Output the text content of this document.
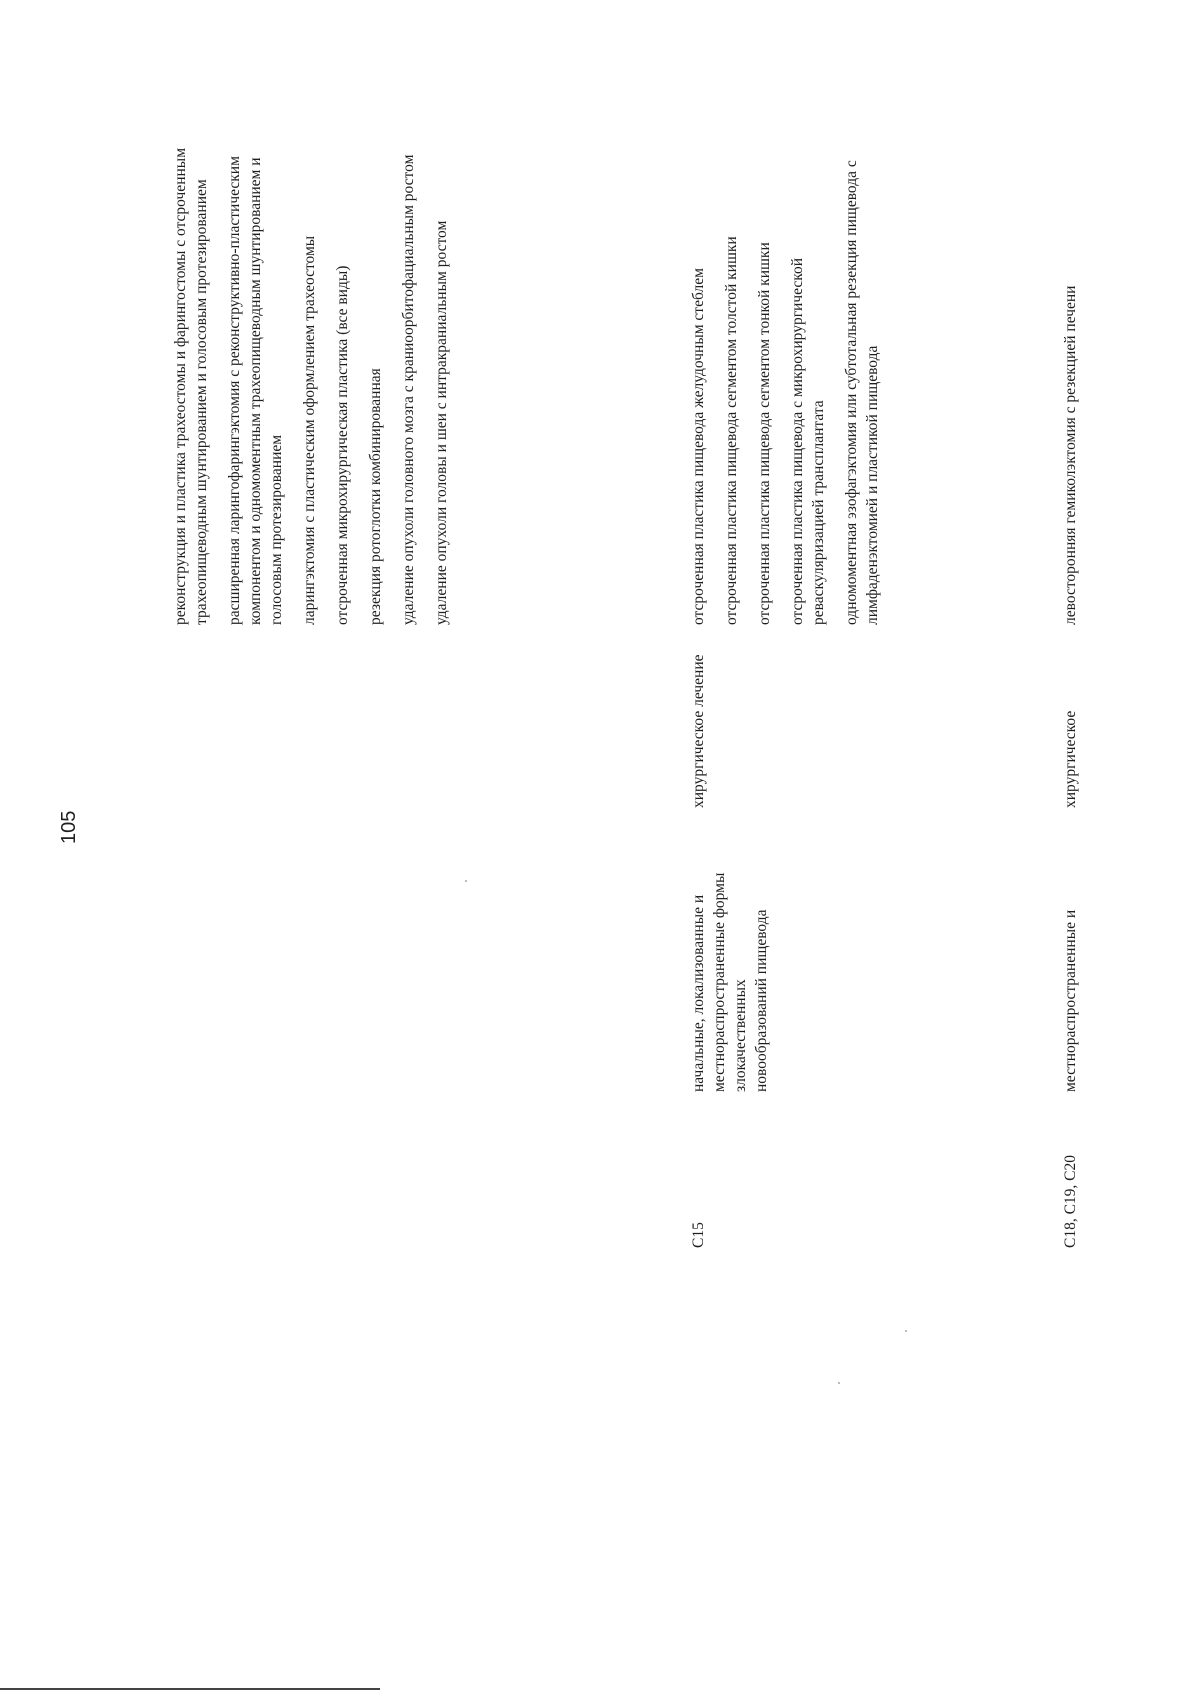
105
реконструкция и пластика трахеостомы и фарингостомы с отсроченным трахеопищеводным шунтированием и голосовым протезированием расширенная ларингофарингэктомия с реконструктивно-пластическим компонентом и одномоментным трахеопищеводным шунтированием и голосовым протезированием ларингэктомия с пластическим оформлением трахеостомы отсроченная микрохирургическая пластика (все виды) резекция ротоглотки комбинированная удаление опухоли головного мозга с краниоорбитофациальным ростом удаление опухоли головы и шеи с интракраниальным ростом
C15
начальные, локализованные и местнораспространенные формы злокачественных новообразований пищевода
хирургическое лечение
отсроченная пластика пищевода желудочным стеблем отсроченная пластика пищевода сегментом толстой кишки отсроченная пластика пищевода сегментом тонкой кишки отсроченная пластика пищевода с микрохирургической реваскуляризацией трансплантата одномоментная эзофагэктомия или субтотальная резекция пищевода с лимфаденэктомией и пластикой пищевода
C18, C19, C20
местнораспространенные и
хирургическое
левосторонняя гемиколэктомия с резекцией печени
